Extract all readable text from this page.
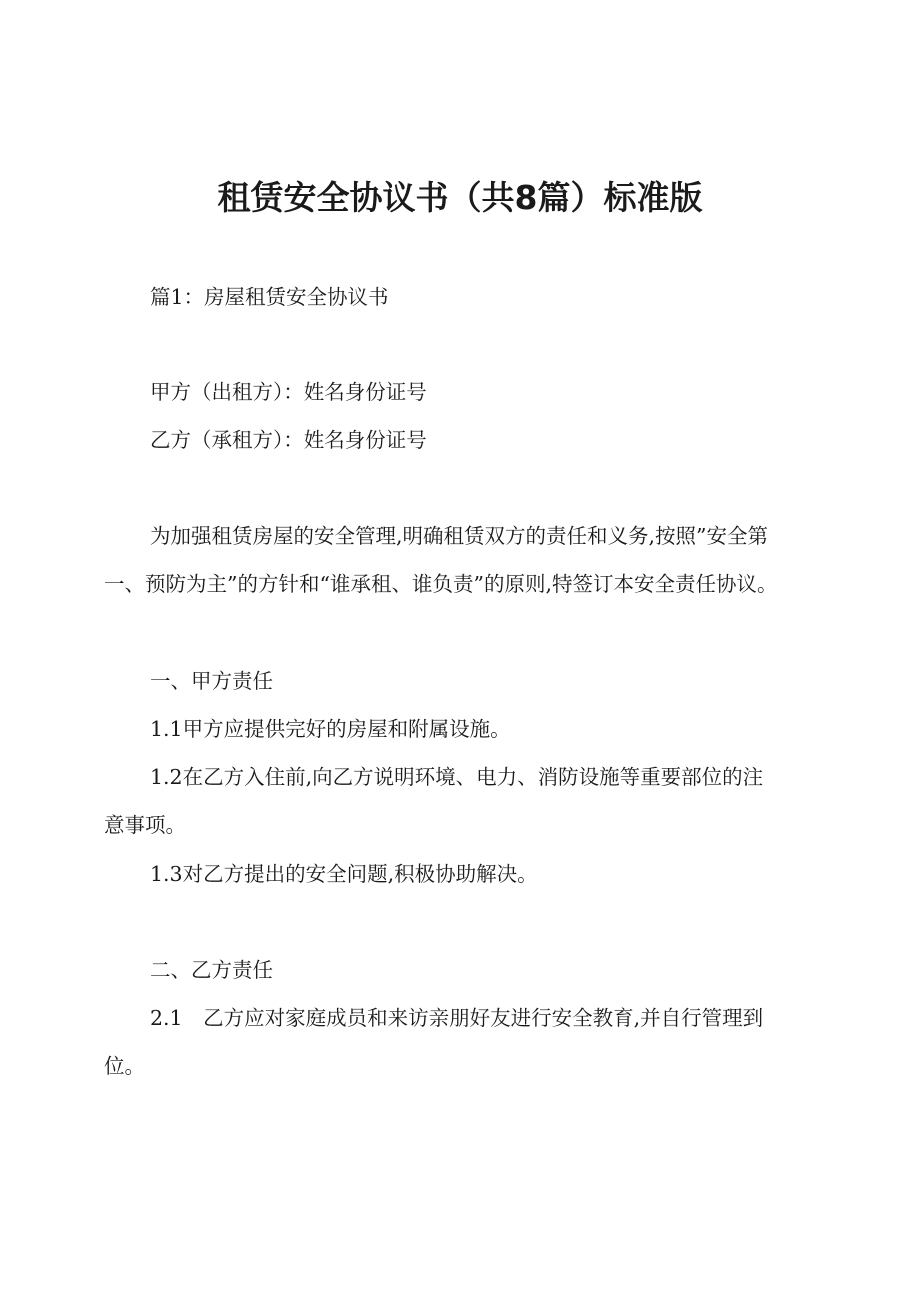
租赁安全协议书（共8篇）标准版

篇1：房屋租赁安全协议书

甲方（出租方）：姓名身份证号

乙方（承租方）：姓名身份证号

为加强租赁房屋的安全管理,明确租赁双方的责任和义务,按照”安全第

一、预防为主”的方针和“谁承租、谁负责”的原则,特签订本安全责任协议。

一、甲方责任

1.1甲方应提供完好的房屋和附属设施。

1.2在乙方入住前,向乙方说明环境、电力、消防设施等重要部位的注

意事项。

1.3对乙方提出的安全问题,积极协助解决。

二、乙方责任

2.1　乙方应对家庭成员和来访亲朋好友进行安全教育,并自行管理到

位。
